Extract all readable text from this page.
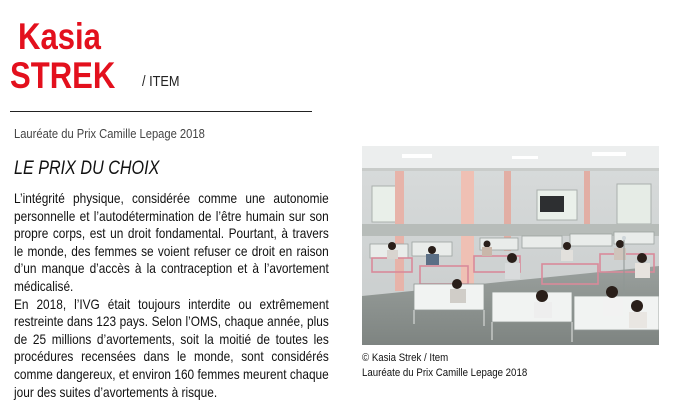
Kasia
STREK / ITEM
Lauréate du Prix Camille Lepage 2018
LE PRIX DU CHOIX

L’intégrité physique, considérée comme une autonomie personnelle et l’autodétermination de l’être humain sur son propre corps, est un droit fondamental. Pourtant, à travers le monde, des femmes se voient refuser ce droit en raison d’un manque d’accès à la contraception et à l’avortement médicalisé.

En 2018, l’IVG était toujours interdite ou extrêmement restreinte dans 123 pays. Selon l’OMS, chaque année, plus de 25 millions d’avortements, soit la moitié de toutes les procédures recensées dans le monde, sont considérés comme dangereux, et environ 160 femmes meurent chaque jour des suites d’avortements à risque.

© Kasia Strek / Item
Lauréate du Prix Camille Lepage 2018
